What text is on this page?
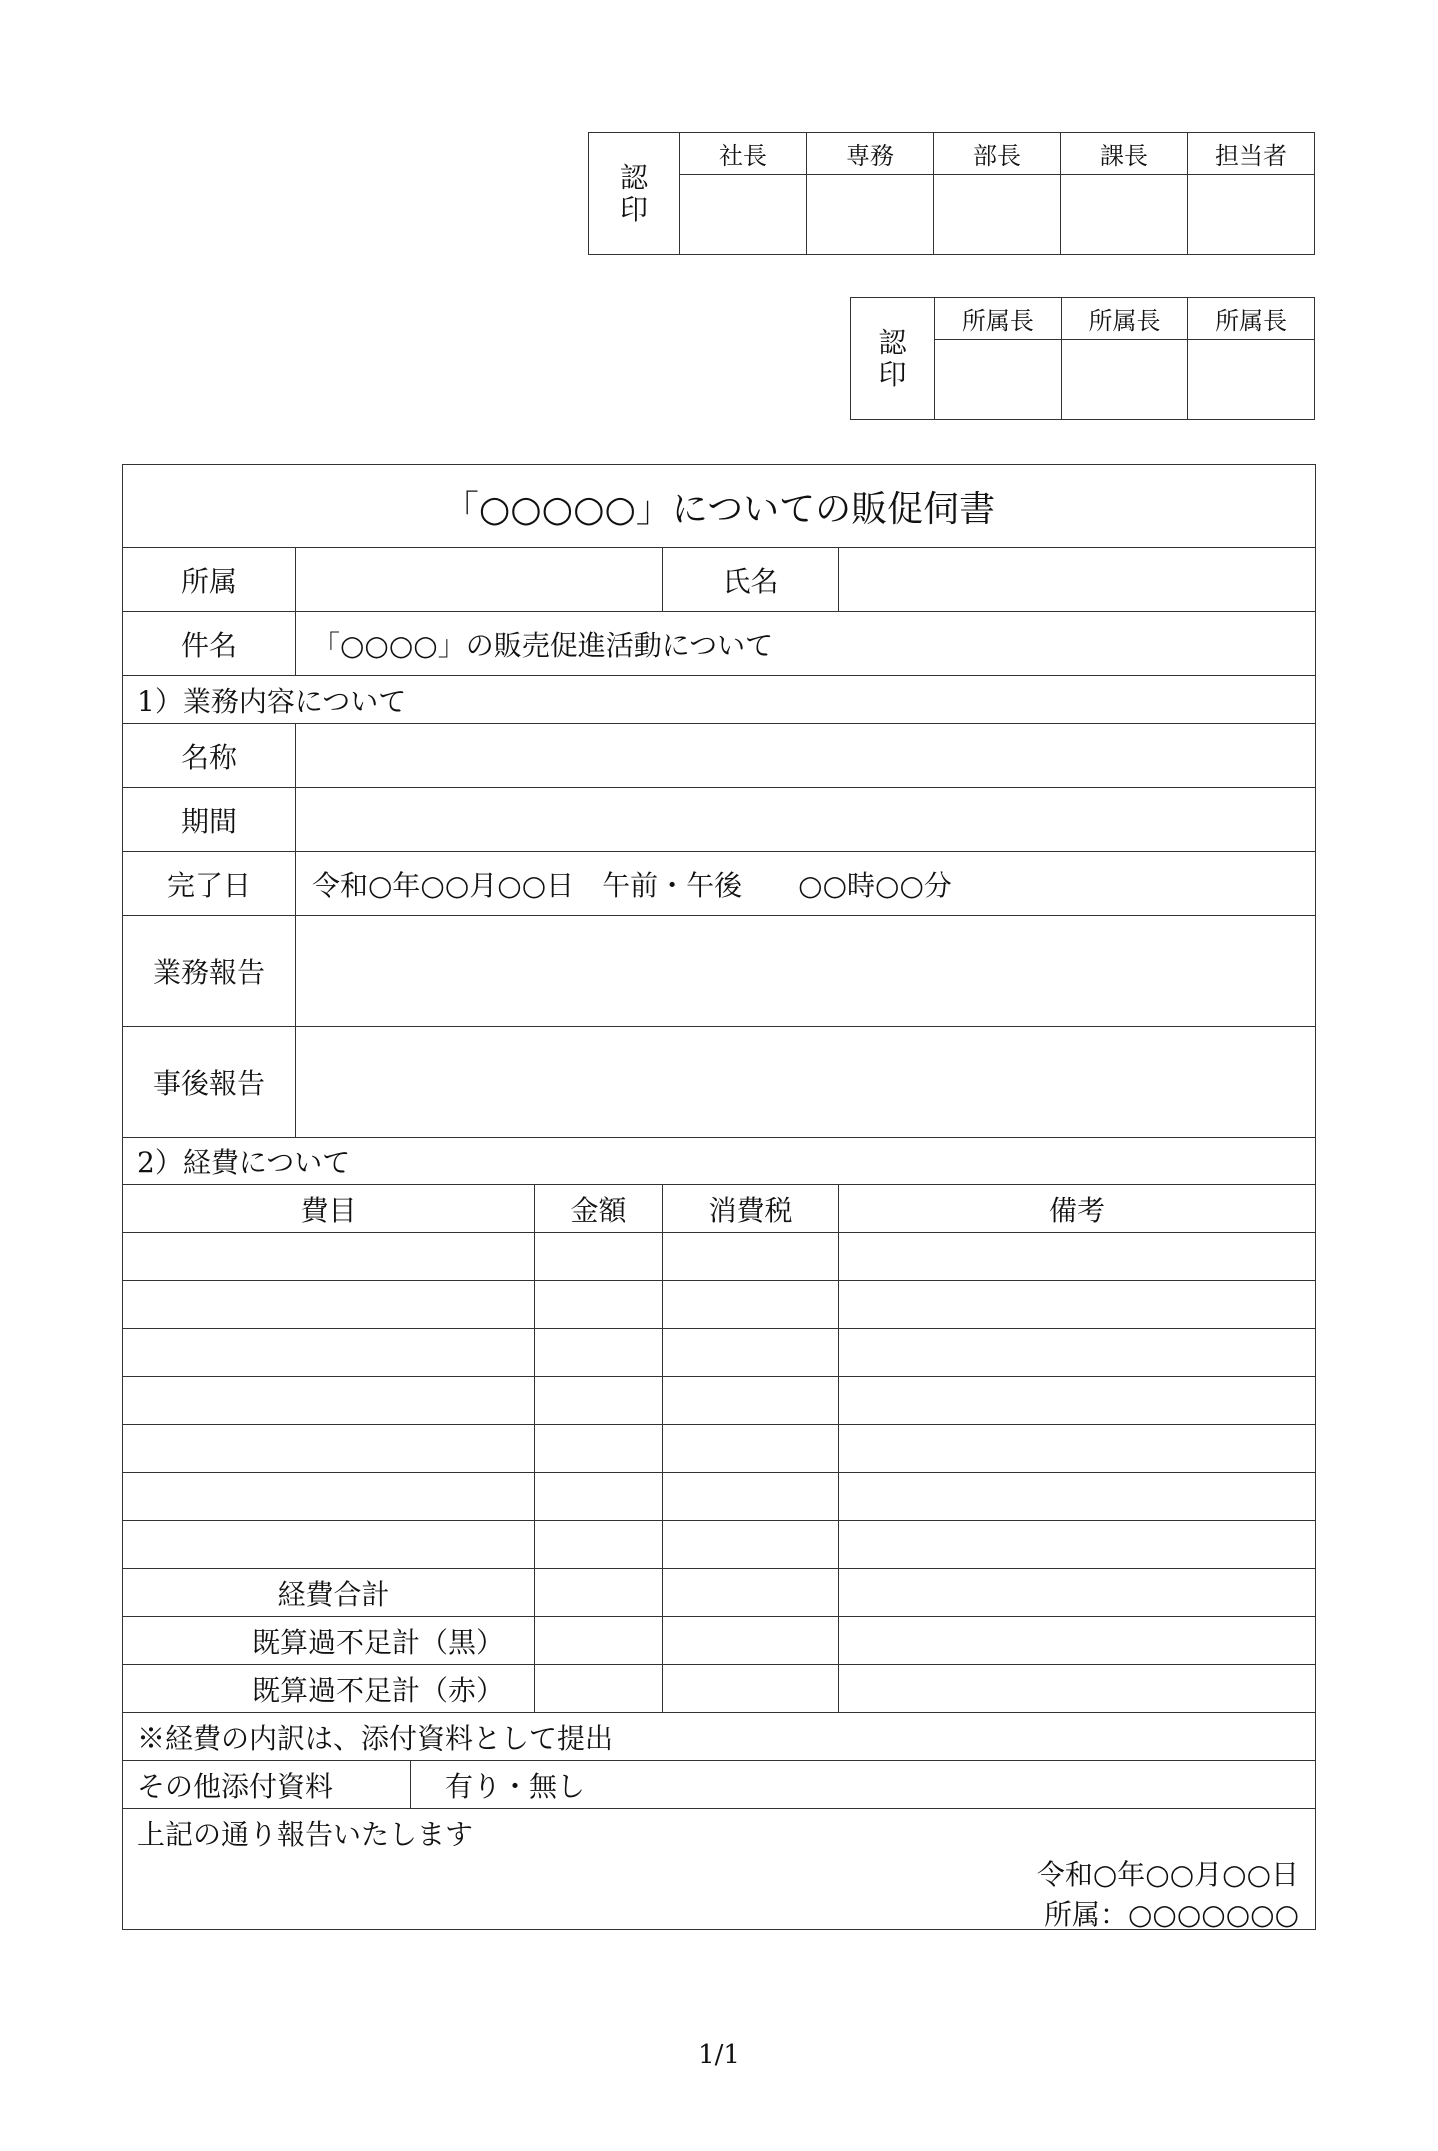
認
印	社長	専務	部長	課長	担当者

認
印	所属長	所属長	所属長

「○○○○○」についての販促伺書					
所属				氏名	
件名	「○○○○」の販売促進活動について				
1）業務内容について					
名称					
期間					
完了日	令和○年○○月○○日　午前・午後　　○○時○○分				
業務報告					
事後報告					
2）経費について					
費目			金額	消費税	備考

経費合計					
既算過不足計（黒）					
既算過不足計（赤）					
※経費の内訳は、添付資料として提出					
その他添付資料		有り・無し			

上記の通り報告いたします
令和○年○○月○○日
所属：○○○○○○○					
1/1
